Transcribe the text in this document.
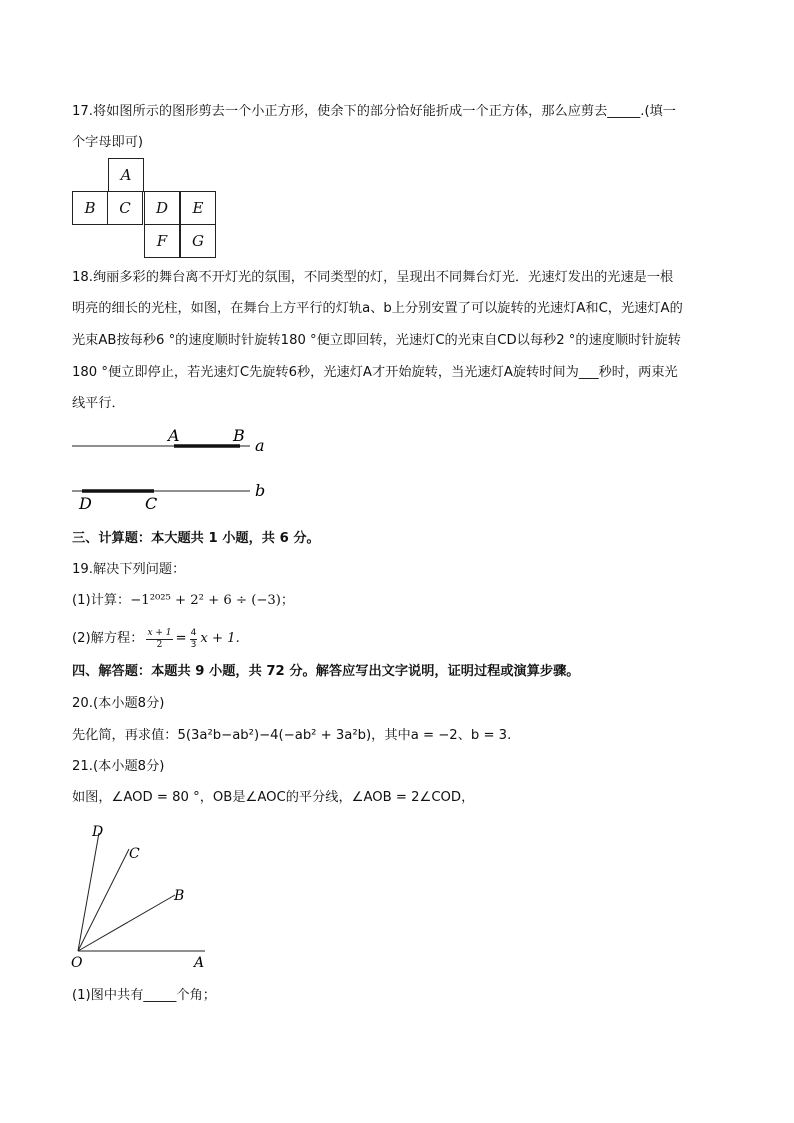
17.将如图所示的图形剪去一个小正方形，使余下的部分恰好能折成一个正方体，那么应剪去_____.(填一
个字母即可)
A
B	C	D	E
F	G
18.绚丽多彩的舞台离不开灯光的氛围，不同类型的灯，呈现出不同舞台灯光．光速灯发出的光速是一根
明亮的细长的光柱，如图，在舞台上方平行的灯轨a、b上分别安置了可以旋转的光速灯A和C，光速灯A的
光束AB按每秒6 °的速度顺时针旋转180 °便立即回转，光速灯C的光束自CD以每秒2 °的速度顺时针旋转
180 °便立即停止，若光速灯C先旋转6秒，光速灯A才开始旋转，当光速灯A旋转时间为___秒时，两束光
线平行．
A	B
a
D	C
b
三、计算题：本大题共 1 小题，共 6 分。
19.解决下列问题：
(1)计算：−1²⁰²⁵ + 2² + 6 ÷ (−3)；
(2)解方程： $\frac{x + 1}{2} = \frac{4}{3}$ x + 1.
四、解答题：本题共 9 小题，共 72 分。解答应写出文字说明，证明过程或演算步骤。
20.(本小题8分)
先化简，再求值：5(3a²b−ab²)−4(−ab² + 3a²b)，其中a = −2、b = 3.
21.(本小题8分)
如图，∠AOD = 80 °，OB是∠AOC的平分线，∠AOB = 2∠COD，
D
C
B
O	A
(1)图中共有_____个角；
